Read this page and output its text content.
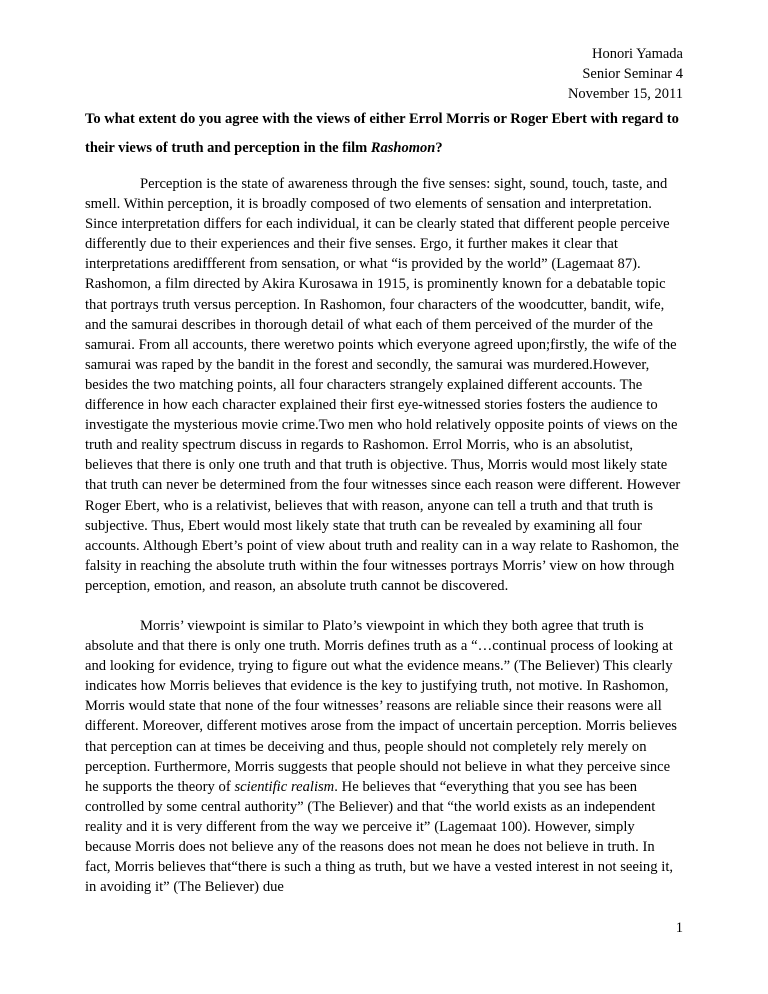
Honori Yamada
Senior Seminar 4
November 15, 2011
To what extent do you agree with the views of either Errol Morris or Roger Ebert with regard to their views of truth and perception in the film Rashomon?

Perception is the state of awareness through the five senses: sight, sound, touch, taste, and smell. Within perception, it is broadly composed of two elements of sensation and interpretation. Since interpretation differs for each individual, it can be clearly stated that different people perceive differently due to their experiences and their five senses. Ergo, it further makes it clear that interpretations arediffferent from sensation, or what “is provided by the world” (Lagemaat 87). Rashomon, a film directed by Akira Kurosawa in 1915, is prominently known for a debatable topic that portrays truth versus perception. In Rashomon, four characters of the woodcutter, bandit, wife, and the samurai describes in thorough detail of what each of them perceived of the murder of the samurai. From all accounts, there weretwo points which everyone agreed upon;firstly, the wife of the samurai was raped by the bandit in the forest and secondly, the samurai was murdered.However, besides the two matching points, all four characters strangely explained different accounts. The difference in how each character explained their first eye-witnessed stories fosters the audience to investigate the mysterious movie crime.Two men who hold relatively opposite points of views on the truth and reality spectrum discuss in regards to Rashomon. Errol Morris, who is an absolutist, believes that there is only one truth and that truth is objective. Thus, Morris would most likely state that truth can never be determined from the four witnesses since each reason were different. However Roger Ebert, who is a relativist, believes that with reason, anyone can tell a truth and that truth is subjective. Thus, Ebert would most likely state that truth can be revealed by examining all four accounts. Although Ebert’s point of view about truth and reality can in a way relate to Rashomon, the falsity in reaching the absolute truth within the four witnesses portrays Morris’ view on how through perception, emotion, and reason, an absolute truth cannot be discovered.

Morris’ viewpoint is similar to Plato’s viewpoint in which they both agree that truth is absolute and that there is only one truth. Morris defines truth as a “…continual process of looking at and looking for evidence, trying to figure out what the evidence means.” (The Believer) This clearly indicates how Morris believes that evidence is the key to justifying truth, not motive. In Rashomon, Morris would state that none of the four witnesses’ reasons are reliable since their reasons were all different. Moreover, different motives arose from the impact of uncertain perception. Morris believes that perception can at times be deceiving and thus, people should not completely rely merely on perception. Furthermore, Morris suggests that people should not believe in what they perceive since he supports the theory of scientific realism. He believes that “everything that you see has been controlled by some central authority” (The Believer) and that “the world exists as an independent reality and it is very different from the way we perceive it” (Lagemaat 100). However, simply because Morris does not believe any of the reasons does not mean he does not believe in truth. In fact, Morris believes that“there is such a thing as truth, but we have a vested interest in not seeing it, in avoiding it” (The Believer) due

1
